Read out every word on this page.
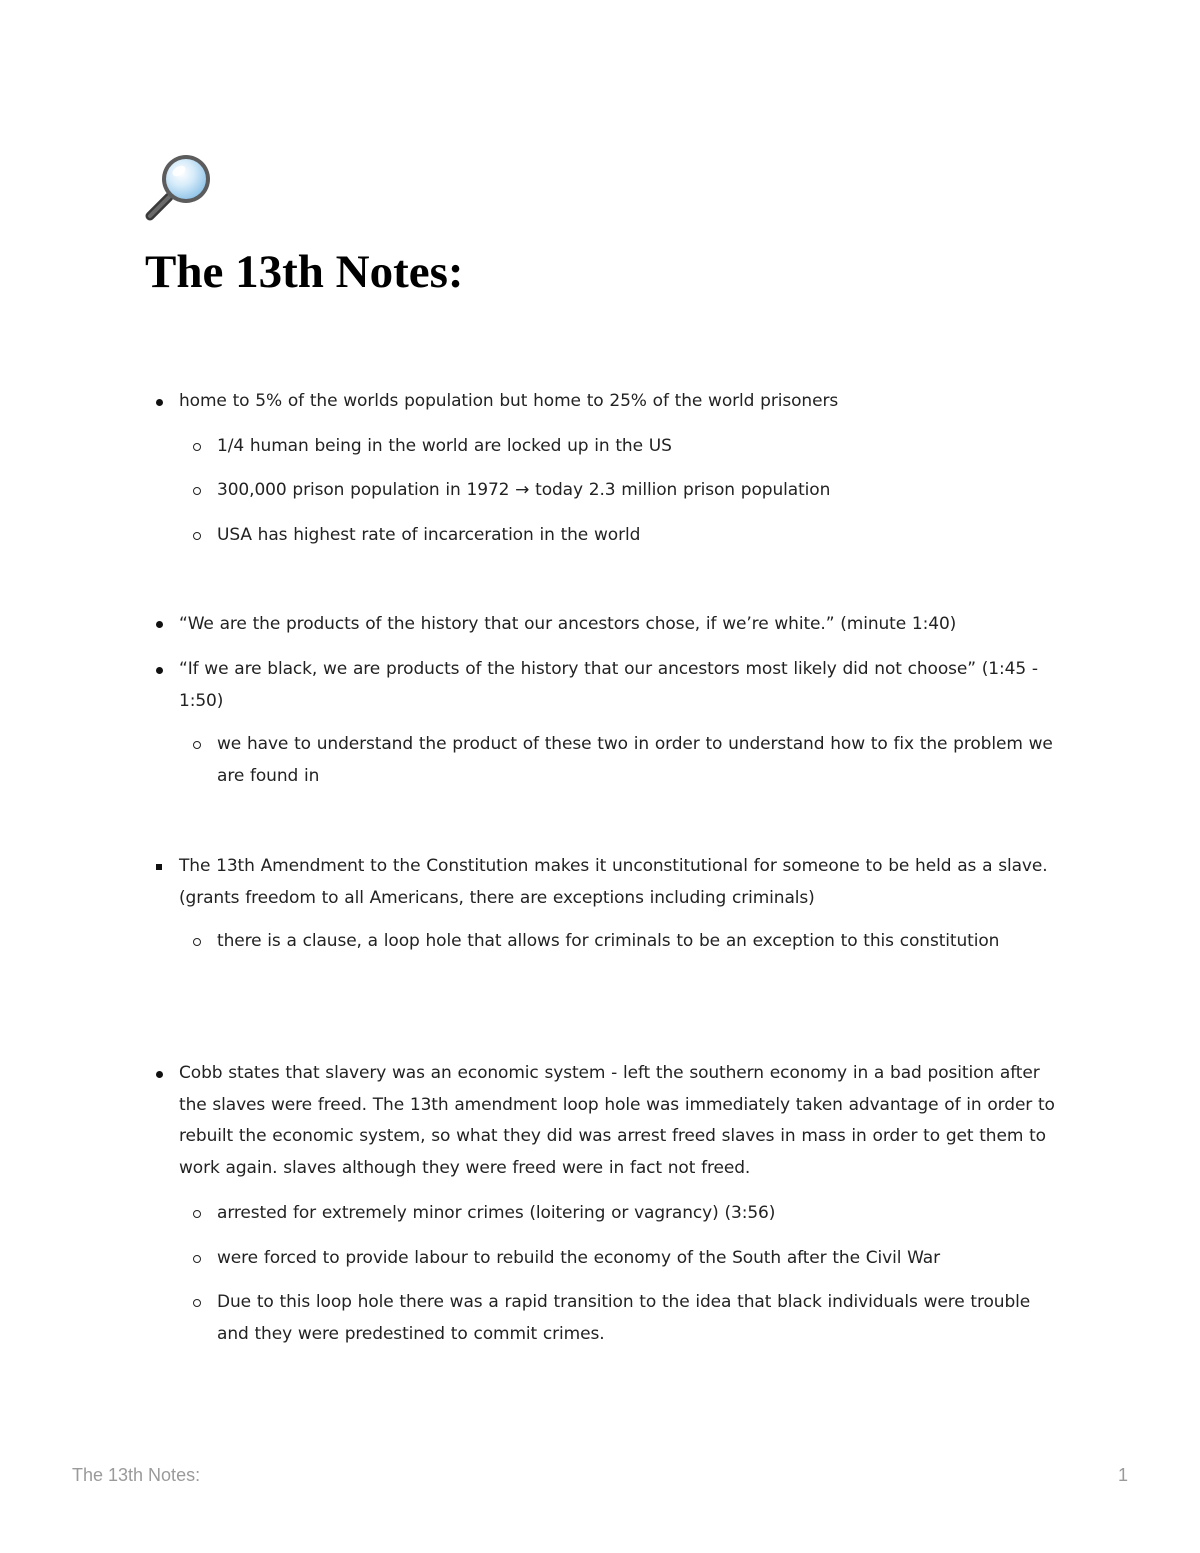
The 13th Notes:
home to 5% of the worlds population but home to 25% of the world prisoners
1/4 human being in the world are locked up in the US
300,000 prison population in 1972 → today 2.3 million prison population
USA has highest rate of incarceration in the world
“We are the products of the history that our ancestors chose, if we’re white.” (minute 1:40)
“If we are black, we are products of the history that our ancestors most likely did not choose” (1:45 - 1:50)
we have to understand the product of these two in order to understand how to fix the problem we are found in
The 13th Amendment to the Constitution makes it unconstitutional for someone to be held as a slave. (grants freedom to all Americans, there are exceptions including criminals)
there is a clause, a loop hole that allows for criminals to be an exception to this constitution
Cobb states that slavery was an economic system - left the southern economy in a bad position after the slaves were freed. The 13th amendment loop hole was immediately taken advantage of in order to rebuilt the economic system, so what they did was arrest freed slaves in mass in order to get them to work again. slaves although they were freed were in fact not freed.
arrested for extremely minor crimes (loitering or vagrancy) (3:56)
were forced to provide labour to rebuild the economy of the South after the Civil War
Due to this loop hole there was a rapid transition to the idea that black individuals were trouble and they were predestined to commit crimes.
The 13th Notes:	1
